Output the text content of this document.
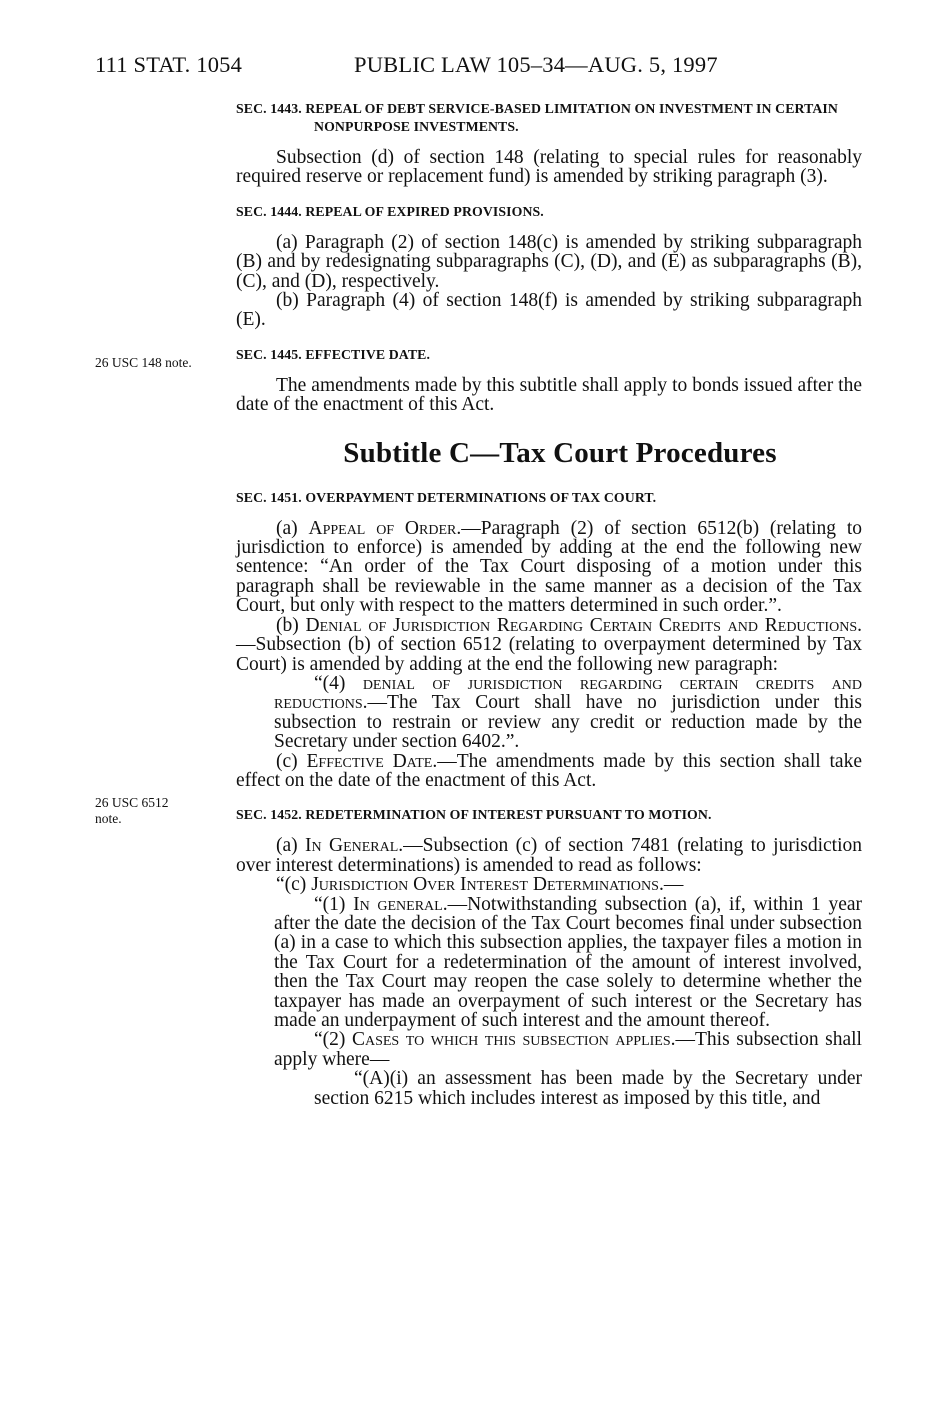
111 STAT. 1054	PUBLIC LAW 105–34—AUG. 5, 1997
26 USC 148 note.
26 USC 6512
note.
SEC. 1443. REPEAL OF DEBT SERVICE-BASED LIMITATION ON INVESTMENT IN CERTAIN NONPURPOSE INVESTMENTS.

Subsection (d) of section 148 (relating to special rules for reasonably required reserve or replacement fund) is amended by striking paragraph (3).

SEC. 1444. REPEAL OF EXPIRED PROVISIONS.

(a) Paragraph (2) of section 148(c) is amended by striking subparagraph (B) and by redesignating subparagraphs (C), (D), and (E) as subparagraphs (B), (C), and (D), respectively.

(b) Paragraph (4) of section 148(f) is amended by striking subparagraph (E).

SEC. 1445. EFFECTIVE DATE.

The amendments made by this subtitle shall apply to bonds issued after the date of the enactment of this Act.

Subtitle C—Tax Court Procedures
SEC. 1451. OVERPAYMENT DETERMINATIONS OF TAX COURT.

(a) Appeal of Order.—Paragraph (2) of section 6512(b) (relating to jurisdiction to enforce) is amended by adding at the end the following new sentence: “An order of the Tax Court disposing of a motion under this paragraph shall be reviewable in the same manner as a decision of the Tax Court, but only with respect to the matters determined in such order.”.

(b) Denial of Jurisdiction Regarding Certain Credits and Reductions.—Subsection (b) of section 6512 (relating to overpayment determined by Tax Court) is amended by adding at the end the following new paragraph:

“(4) denial of jurisdiction regarding certain credits and reductions.—The Tax Court shall have no jurisdiction under this subsection to restrain or review any credit or reduction made by the Secretary under section 6402.”.

(c) Effective Date.—The amendments made by this section shall take effect on the date of the enactment of this Act.

SEC. 1452. REDETERMINATION OF INTEREST PURSUANT TO MOTION.

(a) In General.—Subsection (c) of section 7481 (relating to jurisdiction over interest determinations) is amended to read as follows:

“(c) Jurisdiction Over Interest Determinations.—

“(1) In general.—Notwithstanding subsection (a), if, within 1 year after the date the decision of the Tax Court becomes final under subsection (a) in a case to which this subsection applies, the taxpayer files a motion in the Tax Court for a redetermination of the amount of interest involved, then the Tax Court may reopen the case solely to determine whether the taxpayer has made an overpayment of such interest or the Secretary has made an underpayment of such interest and the amount thereof.

“(2) Cases to which this subsection applies.—This subsection shall apply where—

“(A)(i) an assessment has been made by the Secretary under section 6215 which includes interest as imposed by this title, and
